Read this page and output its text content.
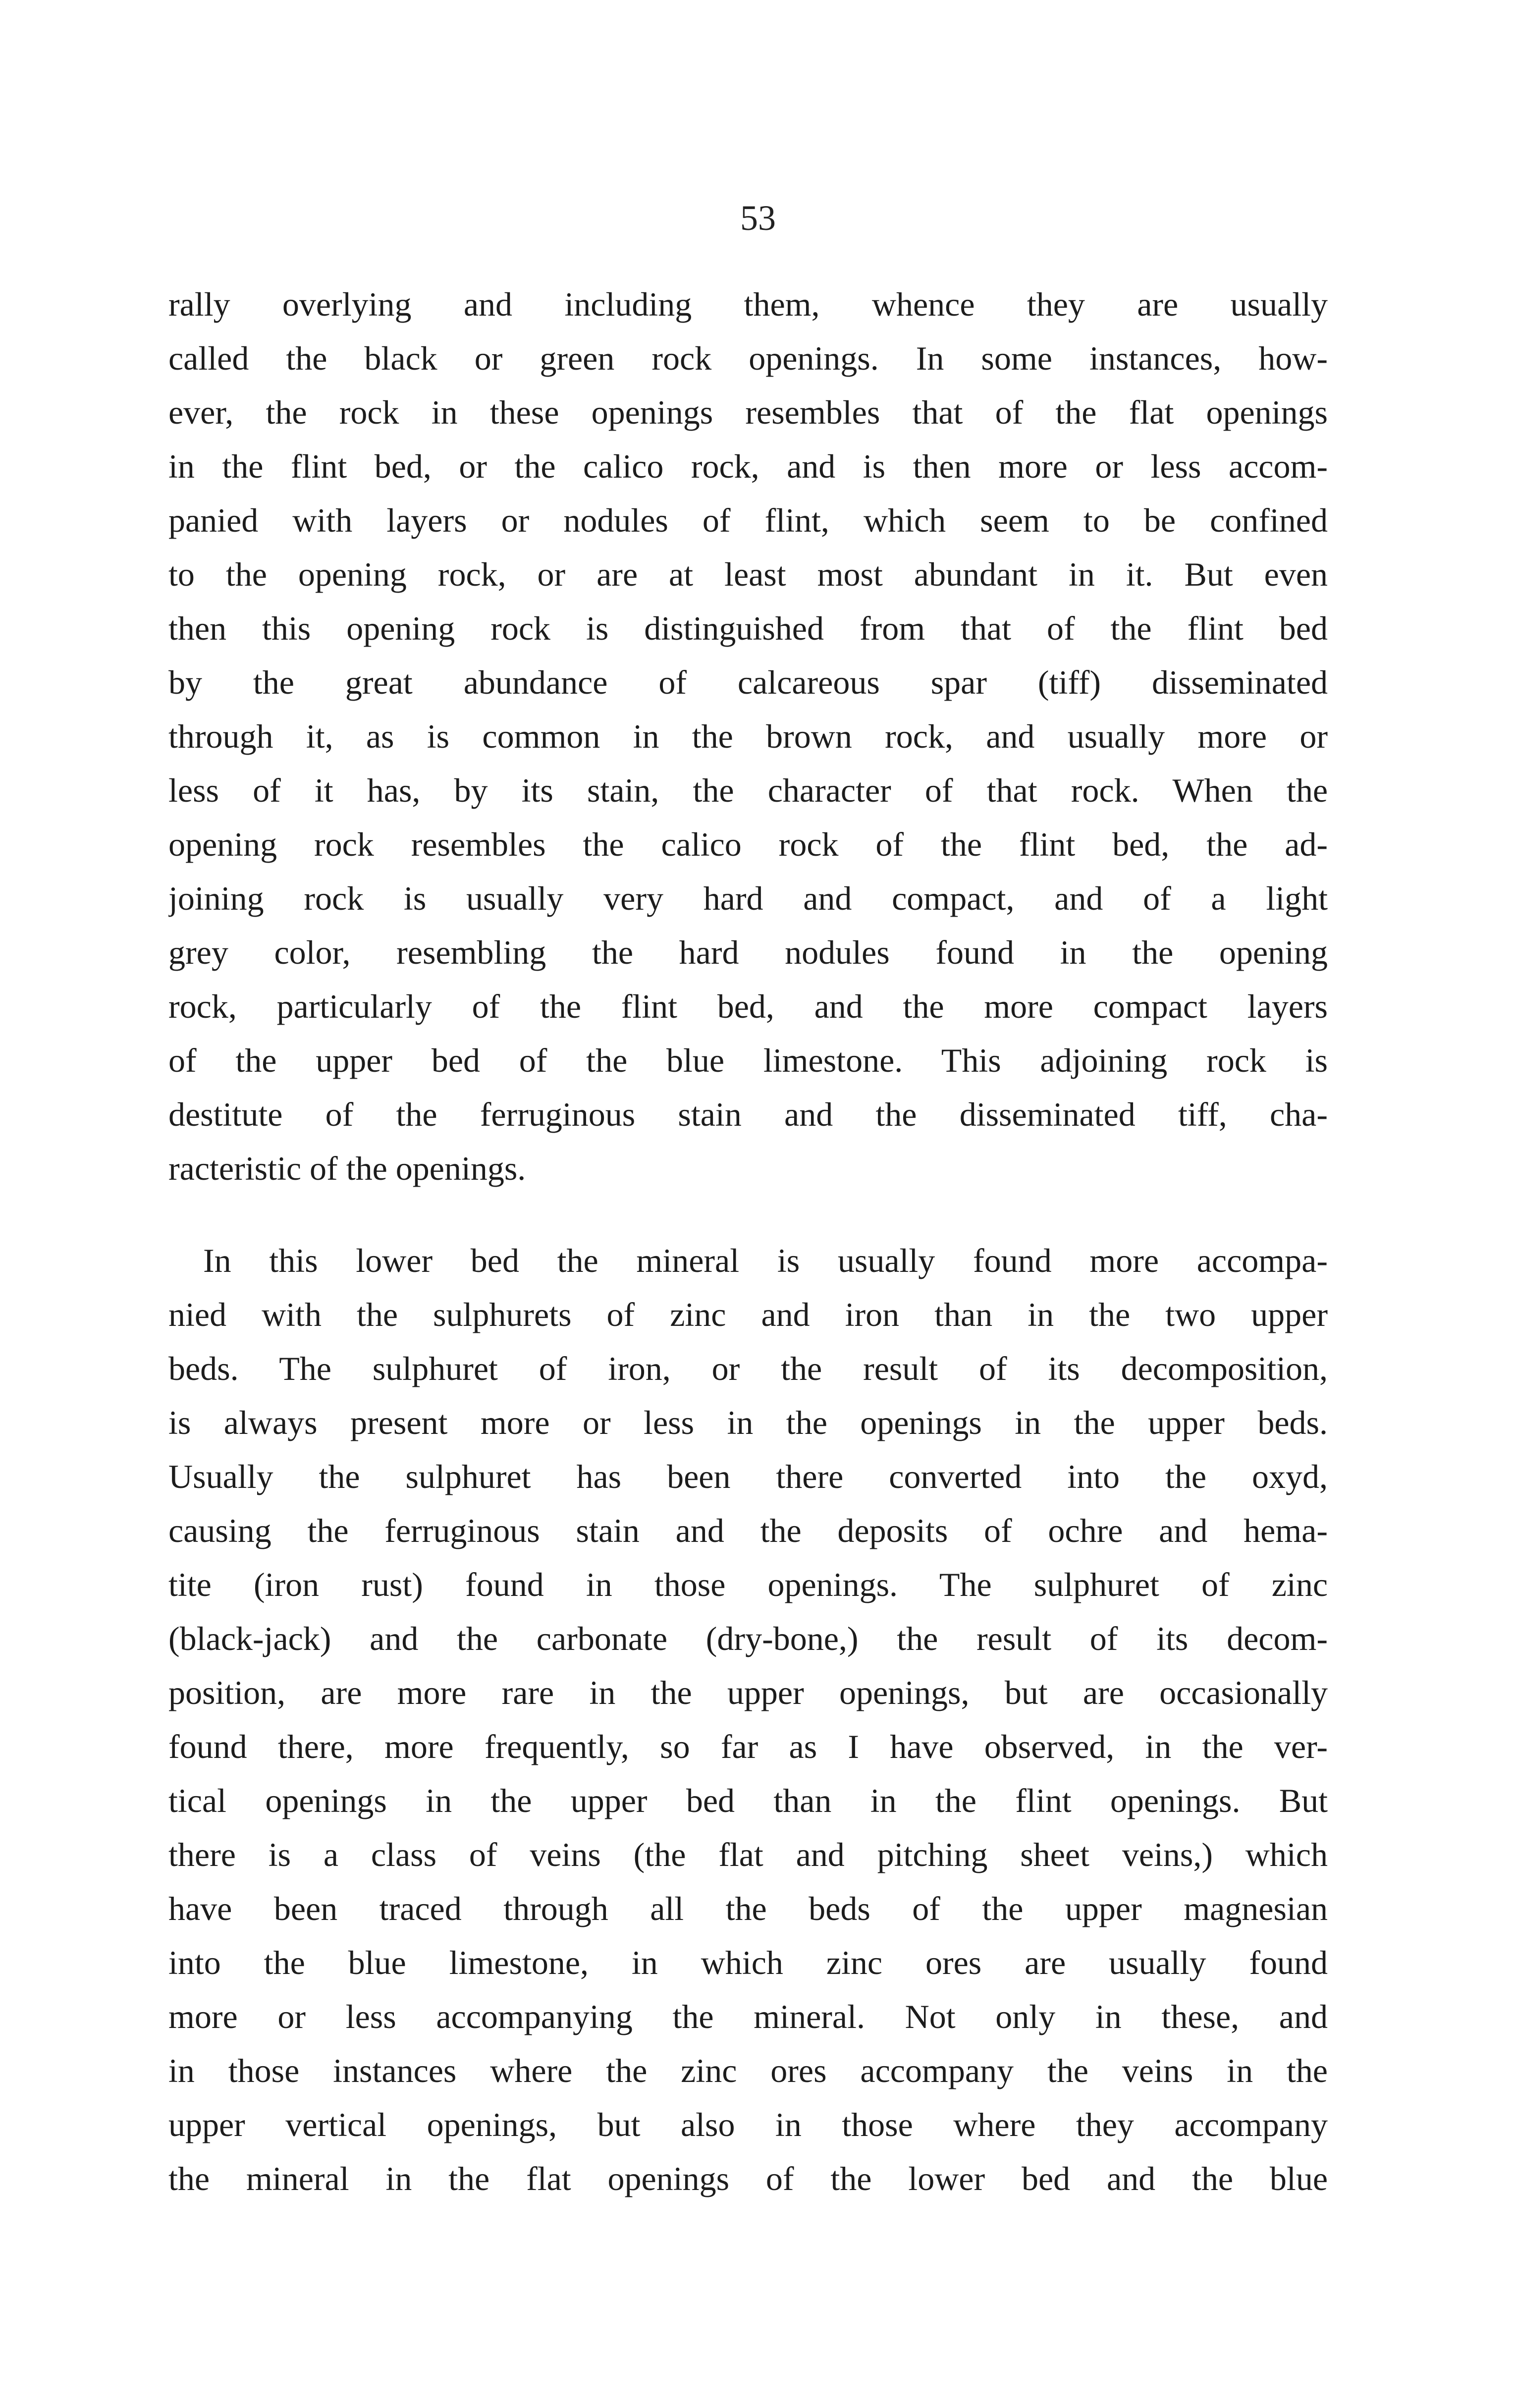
53
rally overlying and including them, whence they are usually
called the black or green rock openings. In some instances, how-
ever, the rock in these openings resembles that of the flat openings
in the flint bed, or the calico rock, and is then more or less accom-
panied with layers or nodules of flint, which seem to be confined
to the opening rock, or are at least most abundant in it. But even
then this opening rock is distinguished from that of the flint bed
by the great abundance of calcareous spar (tiff) disseminated
through it, as is common in the brown rock, and usually more or
less of it has, by its stain, the character of that rock. When the
opening rock resembles the calico rock of the flint bed, the ad-
joining rock is usually very hard and compact, and of a light
grey color, resembling the hard nodules found in the opening
rock, particularly of the flint bed, and the more compact layers
of the upper bed of the blue limestone. This adjoining rock is
destitute of the ferruginous stain and the disseminated tiff, cha-
racteristic of the openings.
In this lower bed the mineral is usually found more accompa-
nied with the sulphurets of zinc and iron than in the two upper
beds. The sulphuret of iron, or the result of its decomposition,
is always present more or less in the openings in the upper beds.
Usually the sulphuret has been there converted into the oxyd,
causing the ferruginous stain and the deposits of ochre and hema-
tite (iron rust) found in those openings. The sulphuret of zinc
(black-jack) and the carbonate (dry-bone,) the result of its decom-
position, are more rare in the upper openings, but are occasionally
found there, more frequently, so far as I have observed, in the ver-
tical openings in the upper bed than in the flint openings. But
there is a class of veins (the flat and pitching sheet veins,) which
have been traced through all the beds of the upper magnesian
into the blue limestone, in which zinc ores are usually found
more or less accompanying the mineral. Not only in these, and
in those instances where the zinc ores accompany the veins in the
upper vertical openings, but also in those where they accompany
the mineral in the flat openings of the lower bed and the blue
